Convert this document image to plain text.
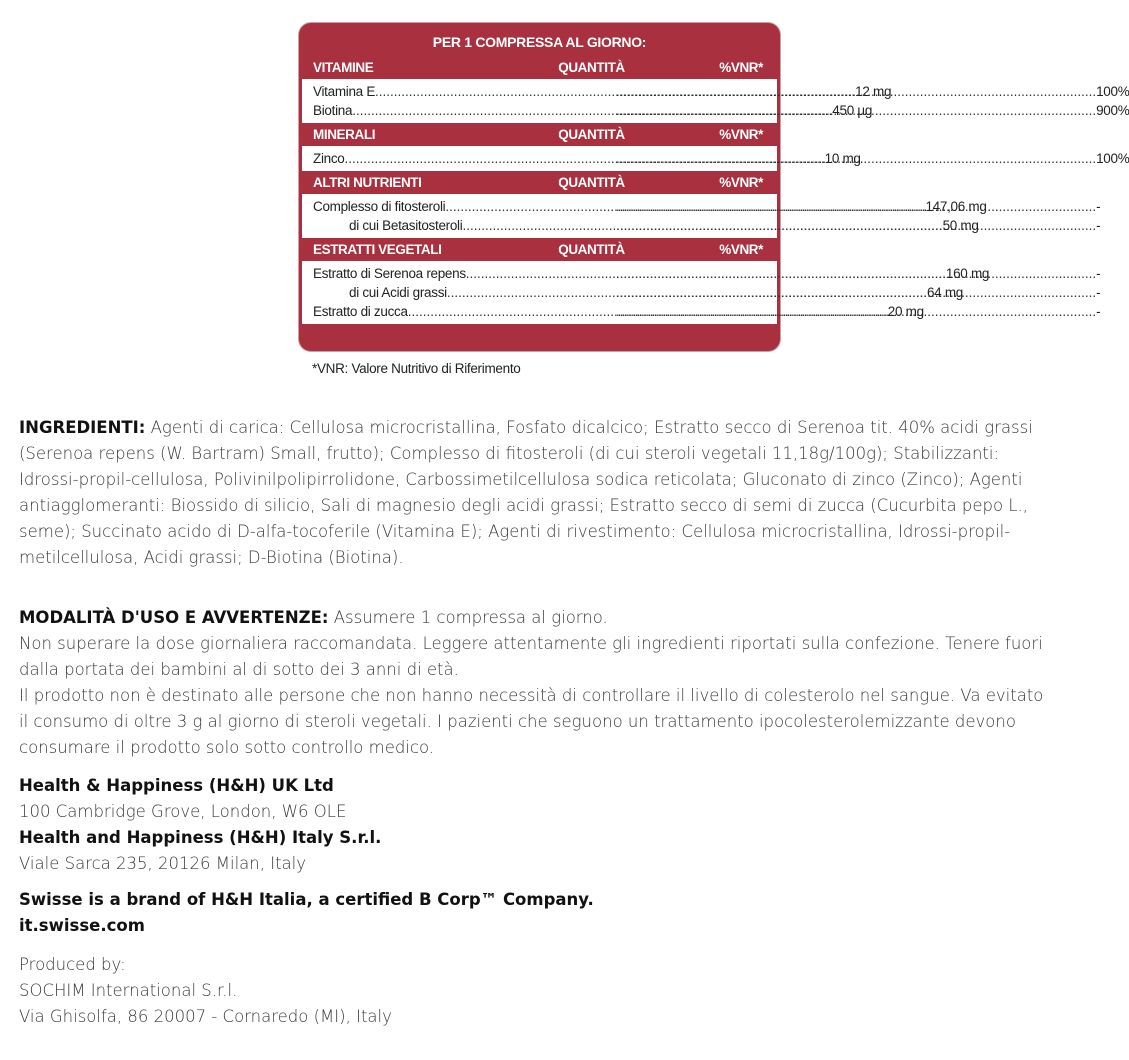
PER 1 COMPRESSA AL GIORNO:
VITAMINE	QUANTITÀ	%VNR*
Vitamina E .....	12 mg .....	100%
Biotina .....	450 µg .....	900%
MINERALI	QUANTITÀ	%VNR*
Zinco .....	10 mg .....	100%
ALTRI NUTRIENTI	QUANTITÀ	%VNR*
Complesso di fitosteroli .....	147,06 mg .....	-
di cui Betasitosteroli .....	50 mg .....	-
ESTRATTI VEGETALI	QUANTITÀ	%VNR*
Estratto di Serenoa repens .....	160 mg .....	-
di cui Acidi grassi .....	64 mg .....	-
Estratto di zucca .....	20 mg .....	-
*VNR: Valore Nutritivo di Riferimento
INGREDIENTI: Agenti di carica: Cellulosa microcristallina, Fosfato dicalcico; Estratto secco di Serenoa tit. 40% acidi grassi (Serenoa repens (W. Bartram) Small, frutto); Complesso di fitosteroli (di cui steroli vegetali 11,18g/100g); Stabilizzanti: Idrossi-propil-cellulosa, Polivinilpolipirrolidone, Carbossimetilcellulosa sodica reticolata; Gluconato di zinco (Zinco); Agenti antiagglomeranti: Biossido di silicio, Sali di magnesio degli acidi grassi; Estratto secco di semi di zucca (Cucurbita pepo L., seme); Succinato acido di D-alfa-tocoferile (Vitamina E); Agenti di rivestimento: Cellulosa microcristallina, Idrossi-propil-metilcellulosa, Acidi grassi; D-Biotina (Biotina).
MODALITÀ D'USO E AVVERTENZE: Assumere 1 compressa al giorno.
Non superare la dose giornaliera raccomandata. Leggere attentamente gli ingredienti riportati sulla confezione. Tenere fuori dalla portata dei bambini al di sotto dei 3 anni di età.
Il prodotto non è destinato alle persone che non hanno necessità di controllare il livello di colesterolo nel sangue. Va evitato il consumo di oltre 3 g al giorno di steroli vegetali. I pazienti che seguono un trattamento ipocolesterolemizzante devono consumare il prodotto solo sotto controllo medico.
Health & Happiness (H&H) UK Ltd
100 Cambridge Grove, London, W6 OLE
Health and Happiness (H&H) Italy S.r.l.
Viale Sarca 235, 20126 Milan, Italy
Swisse is a brand of H&H Italia, a certified B Corp™ Company.
it.swisse.com
Produced by:
SOCHIM International S.r.l.
Via Ghisolfa, 86 20007 - Cornaredo (MI), Italy
